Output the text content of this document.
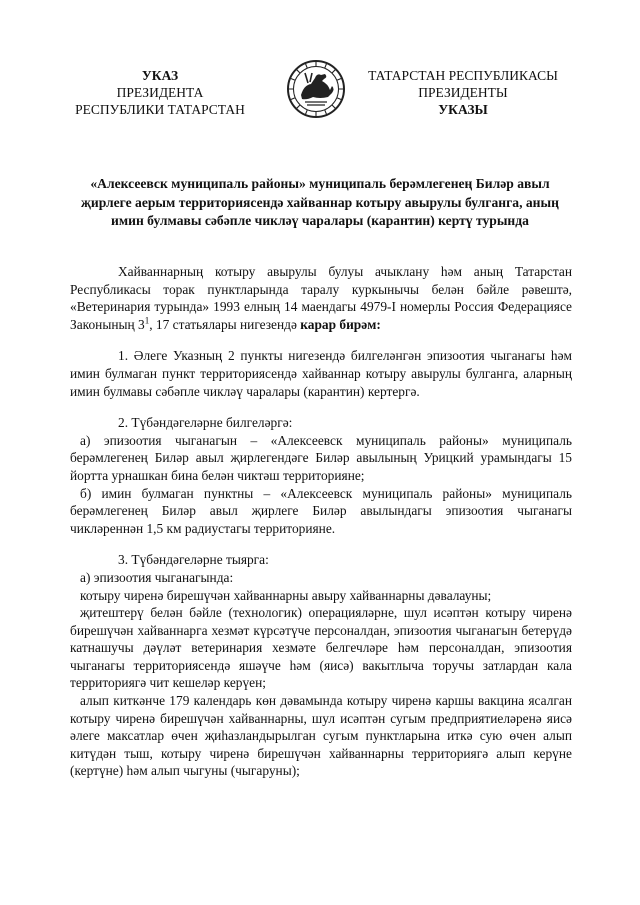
УКАЗ
ПРЕЗИДЕНТА
РЕСПУБЛИКИ ТАТАРСТАН
ТАТАРСТАН РЕСПУБЛИКАСЫ
ПРЕЗИДЕНТЫ
УКАЗЫ
«Алексеевск муниципаль районы» муниципаль берәмлегенең Биләр авыл җирлеге аерым территориясендә хайваннар котыру авырулы булганга, аның имин булмавы сәбәпле чикләү чаралары (карантин) кертү турында

Хайваннарның котыру авырулы булуы ачыклану һәм аның Татарстан Республикасы торак пунктларында таралу куркынычы белән бәйле рәвештә, «Ветеринария турында» 1993 елның 14 маендагы 4979-I номерлы Россия Федерациясе Законының $3^1$, 17 статьялары нигезендә карар бирәм:

1. Әлеге Указның 2 пункты нигезендә билгеләнгән эпизоотия чыганагы һәм имин булмаган пункт территориясендә хайваннар котыру авырулы булганга, аларның имин булмавы сәбәпле чикләү чаралары (карантин) кертергә.

2. Түбәндәгеләрне билгеләргә:

а) эпизоотия чыганагын – «Алексеевск муниципаль районы» муниципаль берәмлегенең Биләр авыл җирлегендәге Биләр авылының Урицкий урамындагы 15 йортта урнашкан бина белән чиктәш территорияне;

б) имин булмаган пунктны – «Алексеевск муниципаль районы» муниципаль берәмлегенең Биләр авыл җирлеге Биләр авылындагы эпизоотия чыганагы чикләреннән 1,5 км радиустагы территорияне.

3. Түбәндәгеләрне тыярга:

а) эпизоотия чыганагында:

котыру чиренә бирешүчән хайваннарны авыру хайваннарны дәвалауны;

җитештерү белән бәйле (технологик) операцияләрне, шул исәптән котыру чиренә бирешүчән хайваннарга хезмәт күрсәтүче персоналдан, эпизоотия чыганагын бетерүдә катнашучы дәүләт ветеринария хезмәте белгечләре һәм персоналдан, эпизоотия чыганагы территориясендә яшәүче һәм (яисә) вакытлыча торучы затлардан кала территориягә чит кешеләр керүен;

алып киткәнче 179 календарь көн дәвамында котыру чиренә каршы вакцина ясалган котыру чиренә бирешүчән хайваннарны, шул исәптән сугым предприятиеләренә яисә әлеге максатлар өчен җиһазландырылган сугым пунктларына иткә сую өчен алып китүдән тыш, котыру чиренә бирешүчән хайваннарны территориягә алып керүне (кертүне) һәм алып чыгуны (чыгаруны);
